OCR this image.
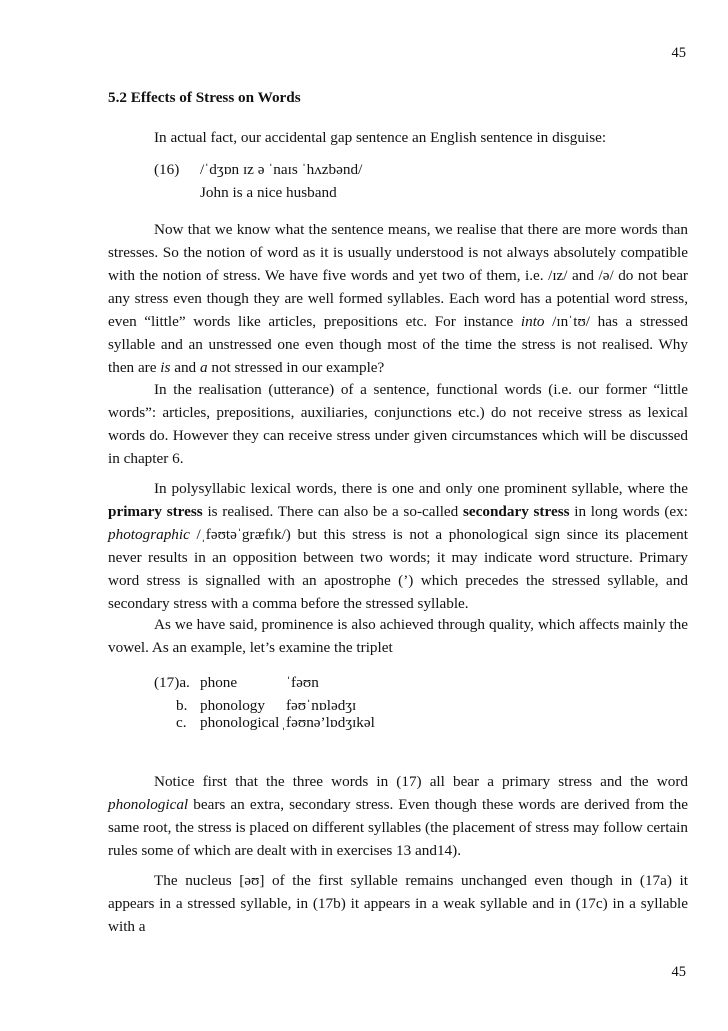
45
5.2 Effects of Stress on Words

In actual fact, our accidental gap sentence an English sentence in disguise:

(16) /ˈdʒɒn ɪz ə ˈnaɪs ˈhʌzbənd/
John is a nice husband

Now that we know what the sentence means, we realise that there are more words than stresses. So the notion of word as it is usually understood is not always absolutely compatible with the notion of stress. We have five words and yet two of them, i.e. /ɪz/ and /ə/ do not bear any stress even though they are well formed syllables. Each word has a potential word stress, even “little” words like articles, prepositions etc. For instance into /ɪnˈtʊ/ has a stressed syllable and an unstressed one even though most of the time the stress is not realised. Why then are is and a not stressed in our example?

In the realisation (utterance) of a sentence, functional words (i.e. our former “little words”: articles, prepositions, auxiliaries, conjunctions etc.) do not receive stress as lexical words do. However they can receive stress under given circumstances which will be discussed in chapter 6.

In polysyllabic lexical words, there is one and only one prominent syllable, where the primary stress is realised. There can also be a so-called secondary stress in long words (ex: photographic /ˌfəʊtəˈgræfɪk/) but this stress is not a phonological sign since its placement never results in an opposition between two words; it may indicate word structure. Primary word stress is signalled with an apostrophe (’) which precedes the stressed syllable, and secondary stress with a comma before the stressed syllable.

As we have said, prominence is also achieved through quality, which affects mainly the vowel. As an example, let’s examine the triplet

(17)a. phone	ˈfəʊn
b. phonology fəʊˈnɒlədʒɪ
c. phonological ˌfəʊnə’lɒdʒɪkəl

Notice first that the three words in (17) all bear a primary stress and the word phonological bears an extra, secondary stress. Even though these words are derived from the same root, the stress is placed on different syllables (the placement of stress may follow certain rules some of which are dealt with in exercises 13 and14).

The nucleus [əʊ] of the first syllable remains unchanged even though in (17a) it appears in a stressed syllable, in (17b) it appears in a weak syllable and in (17c) in a syllable with a

45
